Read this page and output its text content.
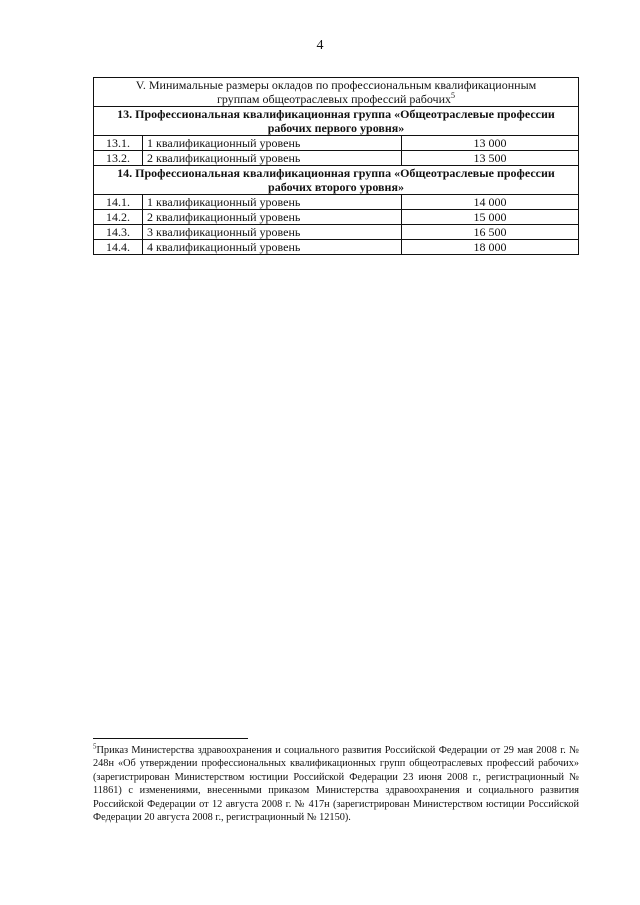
4
V. Минимальные размеры окладов по профессиональным квалификационным
группам общеотраслевых профессий рабочих$^5$
13. Профессиональная квалификационная группа «Общеотраслевые профессии
рабочих первого уровня»		
13.1.	1 квалификационный уровень	13 000
13.2.	2 квалификационный уровень	13 500
14. Профессиональная квалификационная группа «Общеотраслевые профессии
рабочих второго уровня»		
14.1.	1 квалификационный уровень	14 000
14.2.	2 квалификационный уровень	15 000
14.3.	3 квалификационный уровень	16 500
14.4.	4 квалификационный уровень	18 000
$^5$Приказ Министерства здравоохранения и социального развития Российской Федерации от 29 мая 2008 г. № 248н «Об утверждении профессиональных квалификационных групп общеотраслевых профессий рабочих» (зарегистрирован Министерством юстиции Российской Федерации 23 июня 2008 г., регистрационный № 11861) с изменениями, внесенными приказом Министерства здравоохранения и социального развития Российской Федерации от 12 августа 2008 г. № 417н (зарегистрирован Министерством юстиции Российской Федерации 20 августа 2008 г., регистрационный № 12150).
